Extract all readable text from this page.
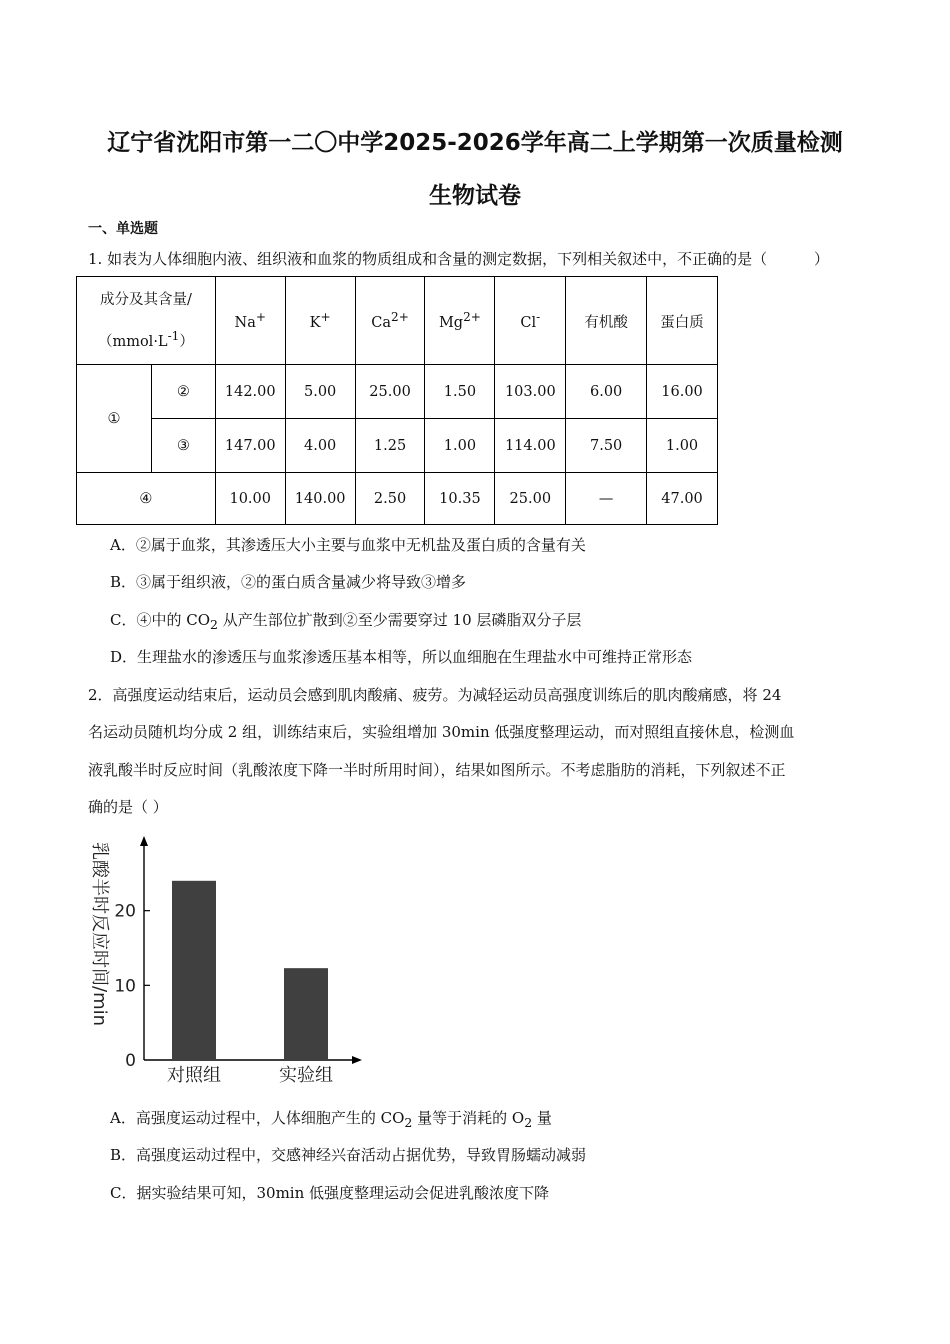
辽宁省沈阳市第一二〇中学2025-2026学年高二上学期第一次质量检测
生物试卷
一、单选题
1. 如表为人体细胞内液、组织液和血浆的物质组成和含量的测定数据，下列相关叙述中，不正确的是（	）
成分及其含量/
$(mmol\cdot L^{-1})$		Na+	K+	$Ca^{2+}$	$Mg^{2+}$	Cl-	有机酸	蛋白质
①	②	142.00	5.00	25.00	1.50	103.00	6.00	16.00
	③	147.00	4.00	1.25	1.00	114.00	7.50	1.00
④		10.00	140.00	2.50	10.35	25.00	—	47.00
A．②属于血浆，其渗透压大小主要与血浆中无机盐及蛋白质的含量有关
B．③属于组织液，②的蛋白质含量减少将导致③增多
C．④中的 $CO_2$ 从产生部位扩散到②至少需要穿过 10 层磷脂双分子层
D．生理盐水的渗透压与血浆渗透压基本相等，所以血细胞在生理盐水中可维持正常形态
2．高强度运动结束后，运动员会感到肌肉酸痛、疲劳。为减轻运动员高强度训练后的肌肉酸痛感，将 24
名运动员随机均分成 2 组，训练结束后，实验组增加 30min 低强度整理运动，而对照组直接休息，检测血
液乳酸半时反应时间（乳酸浓度下降一半时所用时间），结果如图所示。不考虑脂肪的消耗，下列叙述不正
确的是（ ）
0
10
20
对照组	实验组
乳酸半时反应时间/min
A．高强度运动过程中，人体细胞产生的 $CO_2$ 量等于消耗的 $O_2$ 量
B．高强度运动过程中，交感神经兴奋活动占据优势，导致胃肠蠕动减弱
C．据实验结果可知，30min 低强度整理运动会促进乳酸浓度下降
